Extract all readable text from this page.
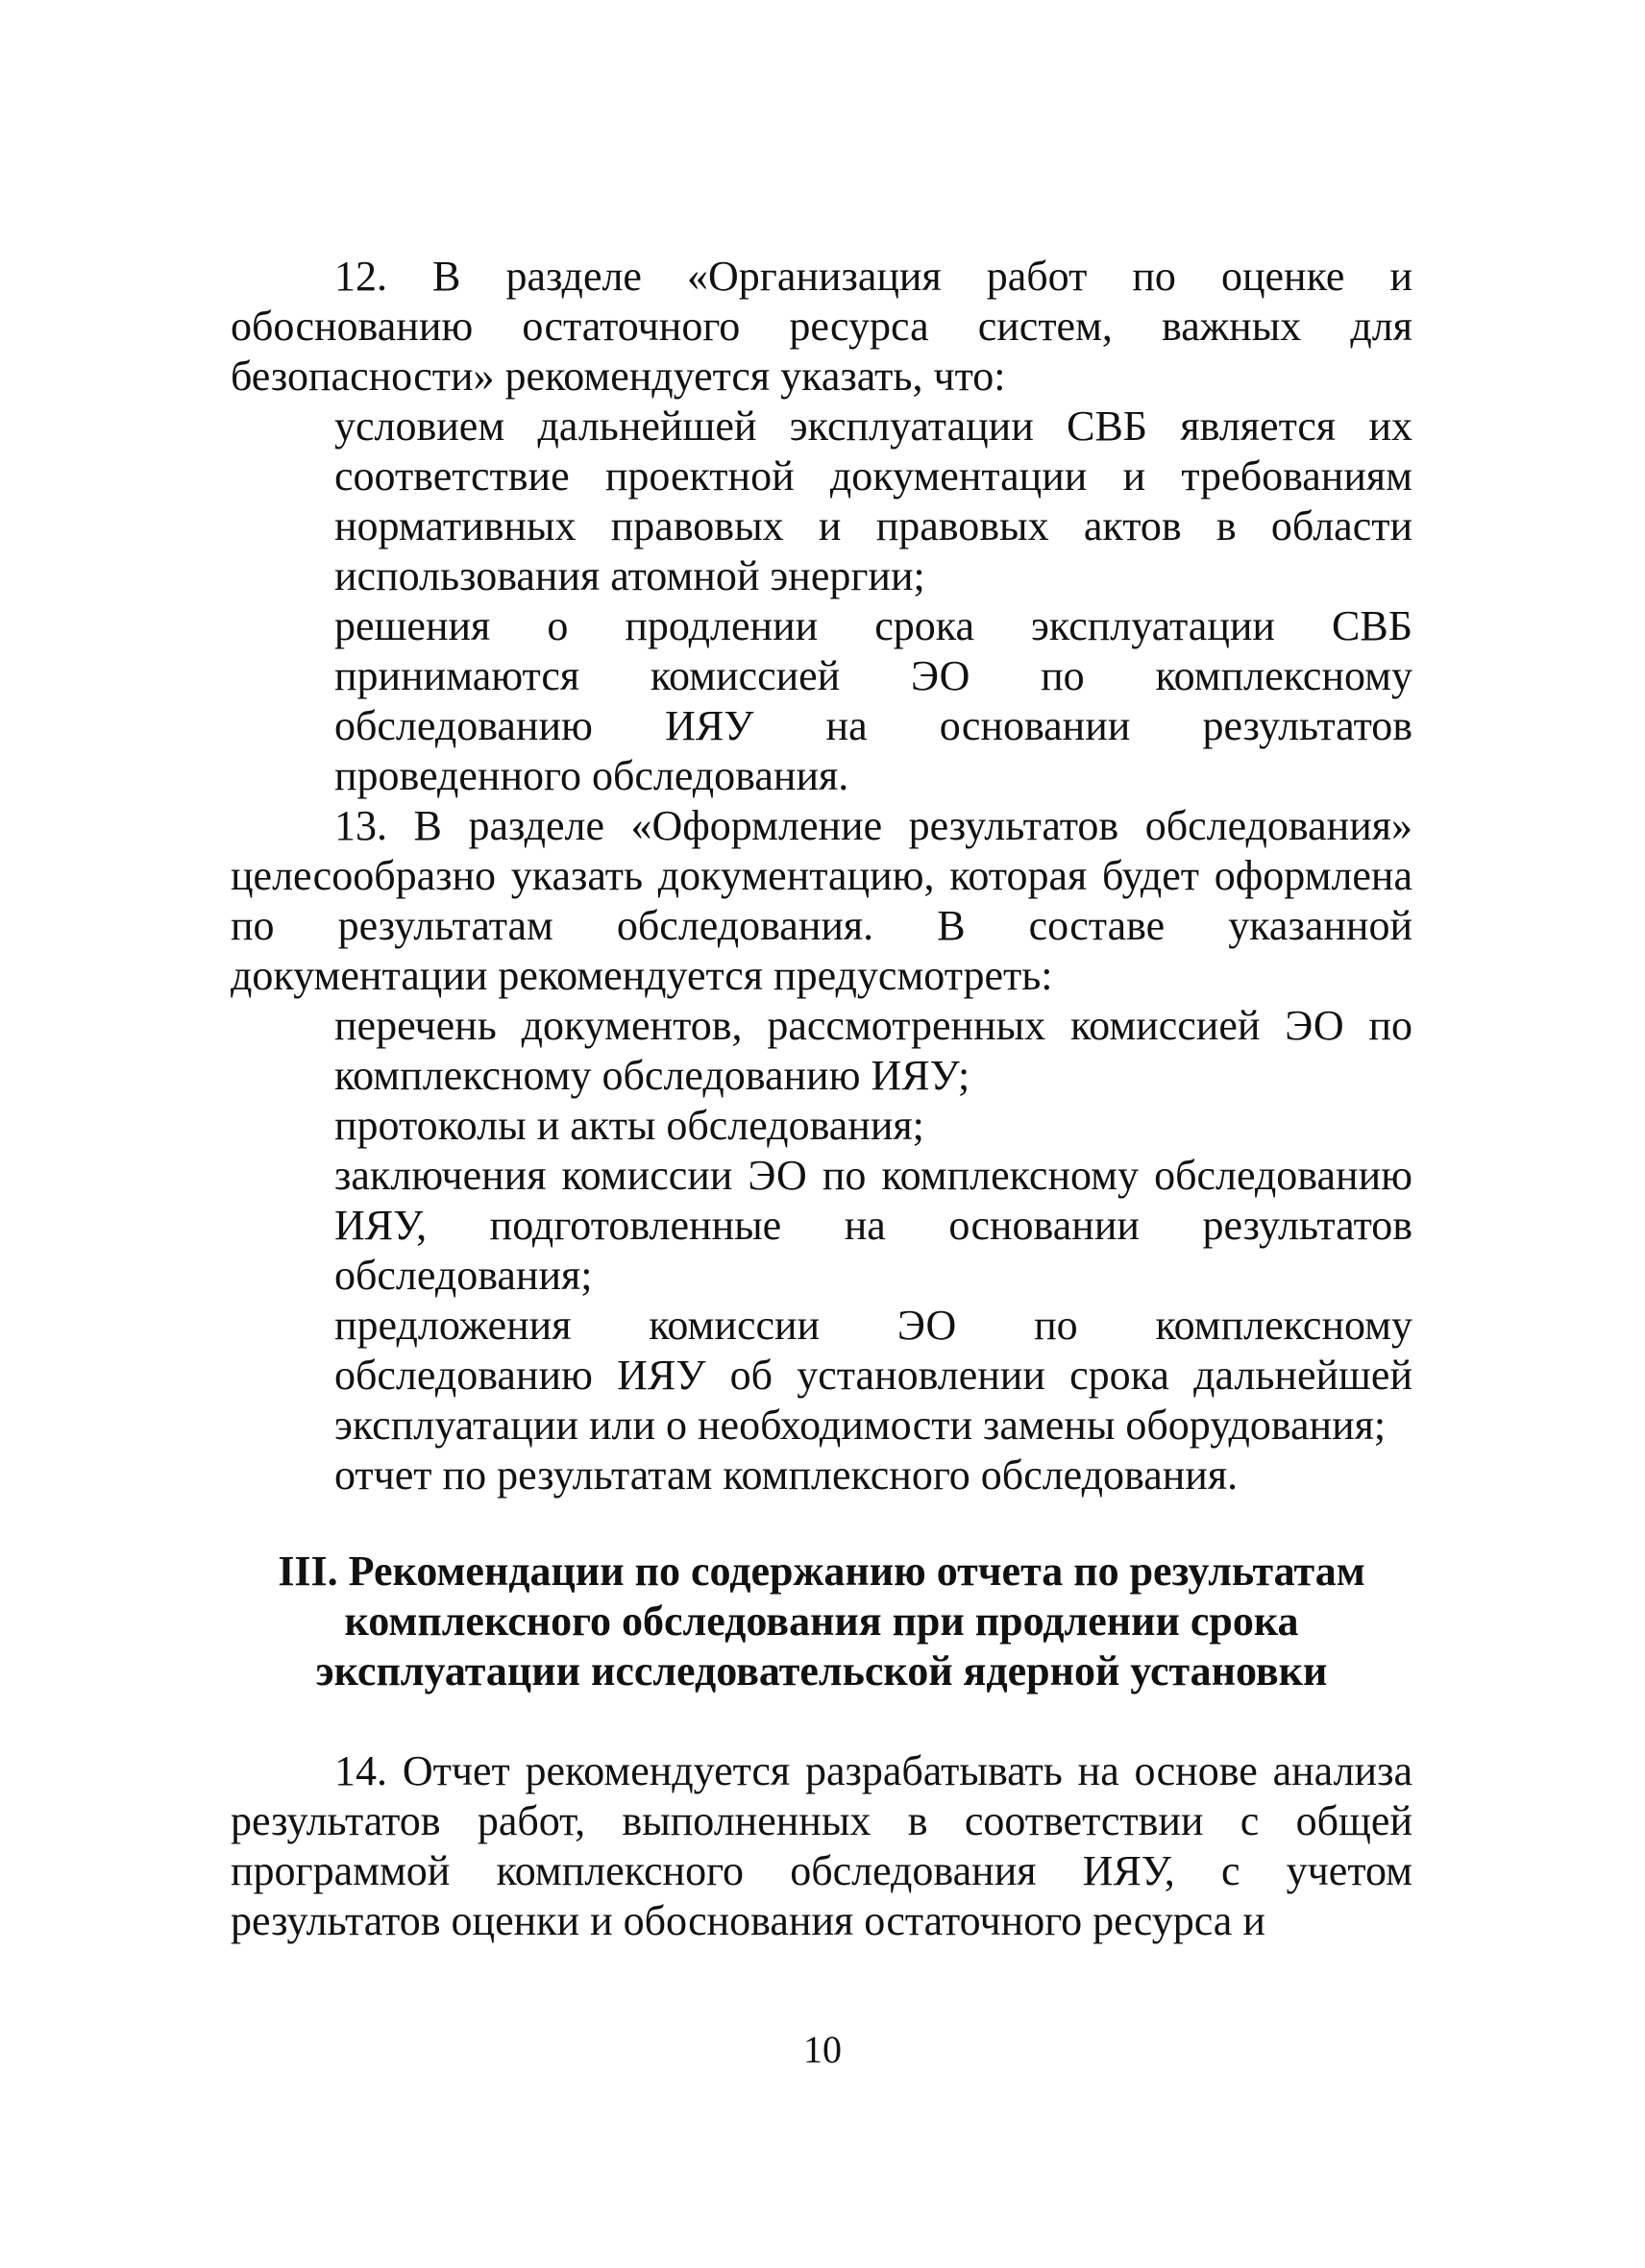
12. В разделе «Организация работ по оценке и обоснованию остаточного ресурса систем, важных для безопасности» рекомендуется указать, что:

условием дальнейшей эксплуатации СВБ является их соответствие проектной документации и требованиям нормативных правовых и правовых актов в области использования атомной энергии;

решения о продлении срока эксплуатации СВБ принимаются комиссией ЭО по комплексному обследованию ИЯУ на основании результатов проведенного обследования.

13. В разделе «Оформление результатов обследования» целесообразно указать документацию, которая будет оформлена по результатам обследования. В составе указанной документации рекомендуется предусмотреть:

перечень документов, рассмотренных комиссией ЭО по комплексному обследованию ИЯУ;

протоколы и акты обследования;

заключения комиссии ЭО по комплексному обследованию ИЯУ, подготовленные на основании результатов обследования;

предложения комиссии ЭО по комплексному обследованию ИЯУ об установлении срока дальнейшей эксплуатации или о необходимости замены оборудования;

отчет по результатам комплексного обследования.

III. Рекомендации по содержанию отчета по результатам
комплексного обследования при продлении срока
эксплуатации исследовательской ядерной установки

14. Отчет рекомендуется разрабатывать на основе анализа результатов работ, выполненных в соответствии с общей программой комплексного обследования ИЯУ, с учетом результатов оценки и обоснования остаточного ресурса и

10
